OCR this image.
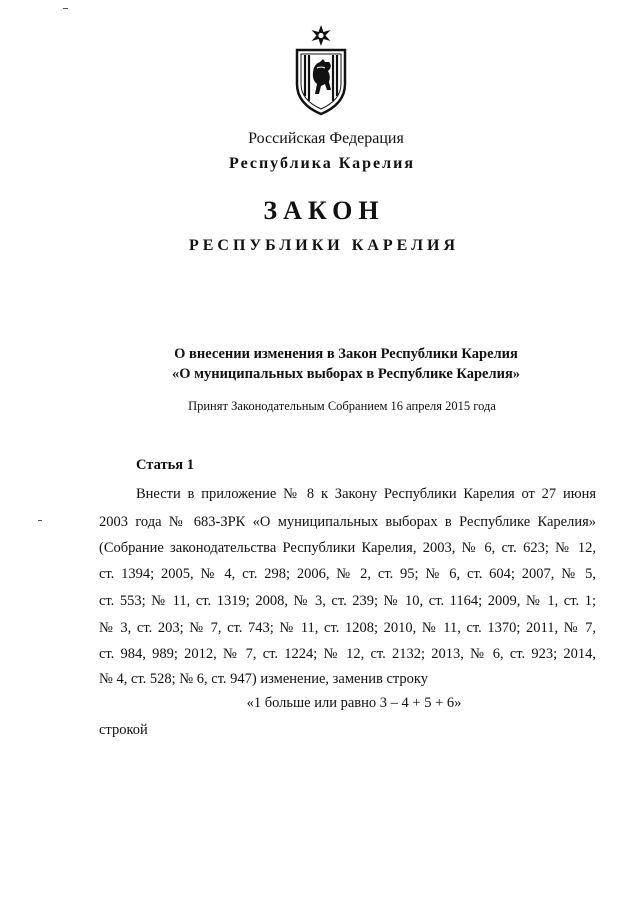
Российская Федерация
Республика Карелия
ЗАКОН
РЕСПУБЛИКИ КАРЕЛИЯ
О внесении изменения в Закон Республики Карелия
«О муниципальных выборах в Республике Карелия»
Принят Законодательным Собранием 16 апреля 2015 года
Статья 1
Внести в приложение № 8 к Закону Республики Карелия от 27 июня
2003 года № 683-ЗРК «О муниципальных выборах в Республике Карелия»
(Собрание законодательства Республики Карелия, 2003, № 6, ст. 623; № 12,
ст. 1394; 2005, № 4, ст. 298; 2006, № 2, ст. 95; № 6, ст. 604; 2007, № 5,
ст. 553; № 11, ст. 1319; 2008, № 3, ст. 239; № 10, ст. 1164; 2009, № 1, ст. 1;
№ 3, ст. 203; № 7, ст. 743; № 11, ст. 1208; 2010, № 11, ст. 1370; 2011, № 7,
ст. 984, 989; 2012, № 7, ст. 1224; № 12, ст. 2132; 2013, № 6, ст. 923; 2014,
№ 4, ст. 528; № 6, ст. 947) изменение, заменив строку
«1 больше или равно 3 – 4 + 5 + 6»
строкой
